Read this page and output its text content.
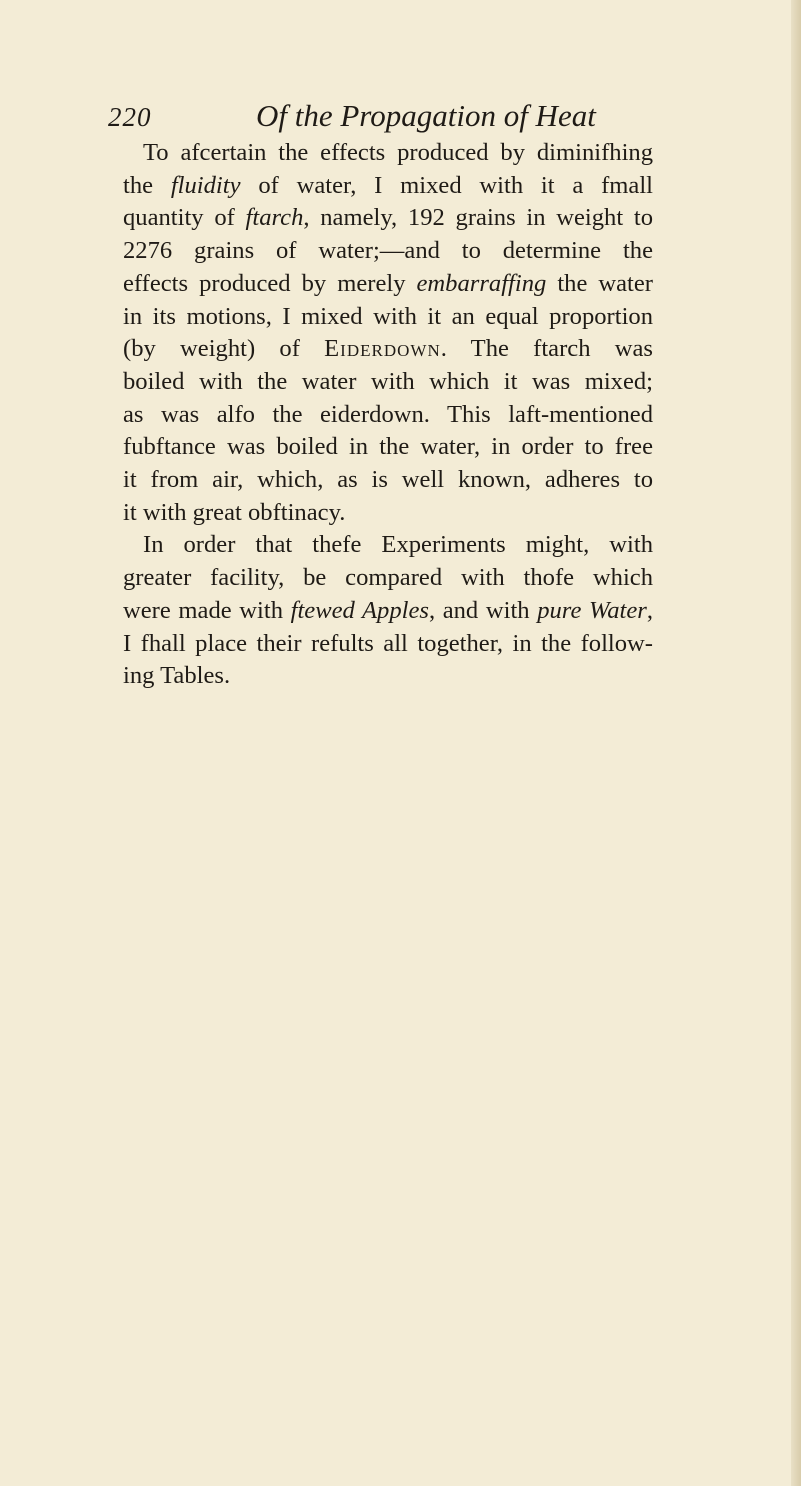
220	Of the Propagation of Heat
To afcertain the effects produced by diminifhing
the fluidity of water, I mixed with it a fmall
quantity of ftarch, namely, 192 grains in weight to
2276 grains of water;—and to determine the
effects produced by merely embarraffing the water
in its motions, I mixed with it an equal proportion
(by weight) of Eiderdown. The ftarch was
boiled with the water with which it was mixed;
as was alfo the eiderdown. This laft-mentioned
fubftance was boiled in the water, in order to free
it from air, which, as is well known, adheres to
it with great obftinacy.
In order that thefe Experiments might, with
greater facility, be compared with thofe which
were made with ftewed Apples, and with pure Water,
I fhall place their refults all together, in the follow-
ing Tables.
